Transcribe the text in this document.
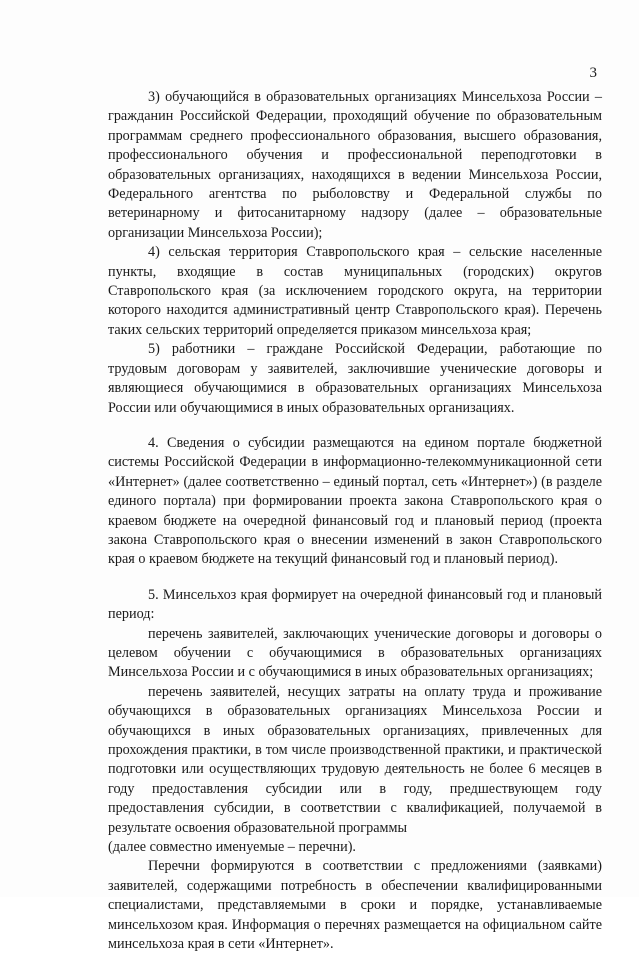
3

3) обучающийся в образовательных организациях Минсельхоза России – гражданин Российской Федерации, проходящий обучение по образовательным программам среднего профессионального образования, высшего образования, профессионального обучения и профессиональной переподготовки в образовательных организациях, находящихся в ведении Минсельхоза России, Федерального агентства по рыболовству и Федеральной службы по ветеринарному и фитосанитарному надзору (далее – образовательные организации Минсельхоза России);

4) сельская территория Ставропольского края – сельские населенные пункты, входящие в состав муниципальных (городских) округов Ставропольского края (за исключением городского округа, на территории которого находится административный центр Ставропольского края). Перечень таких сельских территорий определяется приказом минсельхоза края;

5) работники – граждане Российской Федерации, работающие по трудовым договорам у заявителей, заключившие ученические договоры и являющиеся обучающимися в образовательных организациях Минсельхоза России или обучающимися в иных образовательных организациях.

4. Сведения о субсидии размещаются на едином портале бюджетной системы Российской Федерации в информационно-телекоммуникационной сети «Интернет» (далее соответственно – единый портал, сеть «Интернет») (в разделе единого портала) при формировании проекта закона Ставропольского края о краевом бюджете на очередной финансовый год и плановый период (проекта закона Ставропольского края о внесении изменений в закон Ставропольского края о краевом бюджете на текущий финансовый год и плановый период).

5. Минсельхоз края формирует на очередной финансовый год и плановый период:

перечень заявителей, заключающих ученические договоры и договоры о целевом обучении с обучающимися в образовательных организациях Минсельхоза России и с обучающимися в иных образовательных организациях;

перечень заявителей, несущих затраты на оплату труда и проживание обучающихся в образовательных организациях Минсельхоза России и обучающихся в иных образовательных организациях, привлеченных для прохождения практики, в том числе производственной практики, и практической подготовки или осуществляющих трудовую деятельность не более 6 месяцев в году предоставления субсидии или в году, предшествующем году предоставления субсидии, в соответствии с квалификацией, получаемой в результате освоения образовательной программы

(далее совместно именуемые – перечни).

Перечни формируются в соответствии с предложениями (заявками) заявителей, содержащими потребность в обеспечении квалифицированными специалистами, представляемыми в сроки и порядке, устанавливаемые минсельхозом края. Информация о перечнях размещается на официальном сайте минсельхоза края в сети «Интернет».
